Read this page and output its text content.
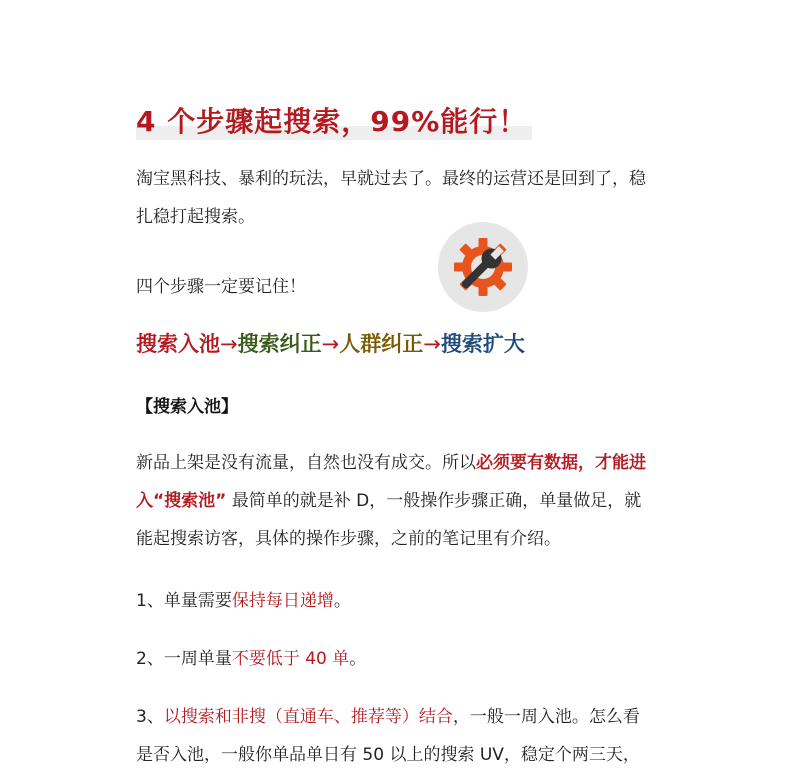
4 个步骤起搜索，99%能行！

淘宝黑科技、暴利的玩法，早就过去了。最终的运营还是回到了，稳
扎稳打起搜索。

四个步骤一定要记住！

搜索入池→搜索纠正→人群纠正→搜索扩大

【搜索入池】

新品上架是没有流量，自然也没有成交。所以必须要有数据，才能进
入“搜索池” 最简单的就是补 D，一般操作步骤正确，单量做足，就
能起搜索访客，具体的操作步骤，之前的笔记里有介绍。

1、单量需要保持每日递增。

2、一周单量不要低于 40 单。

3、以搜索和非搜（直通车、推荐等）结合，一般一周入池。怎么看
是否入池，一般你单品单日有 50 以上的搜索 UV，稳定个两三天，
